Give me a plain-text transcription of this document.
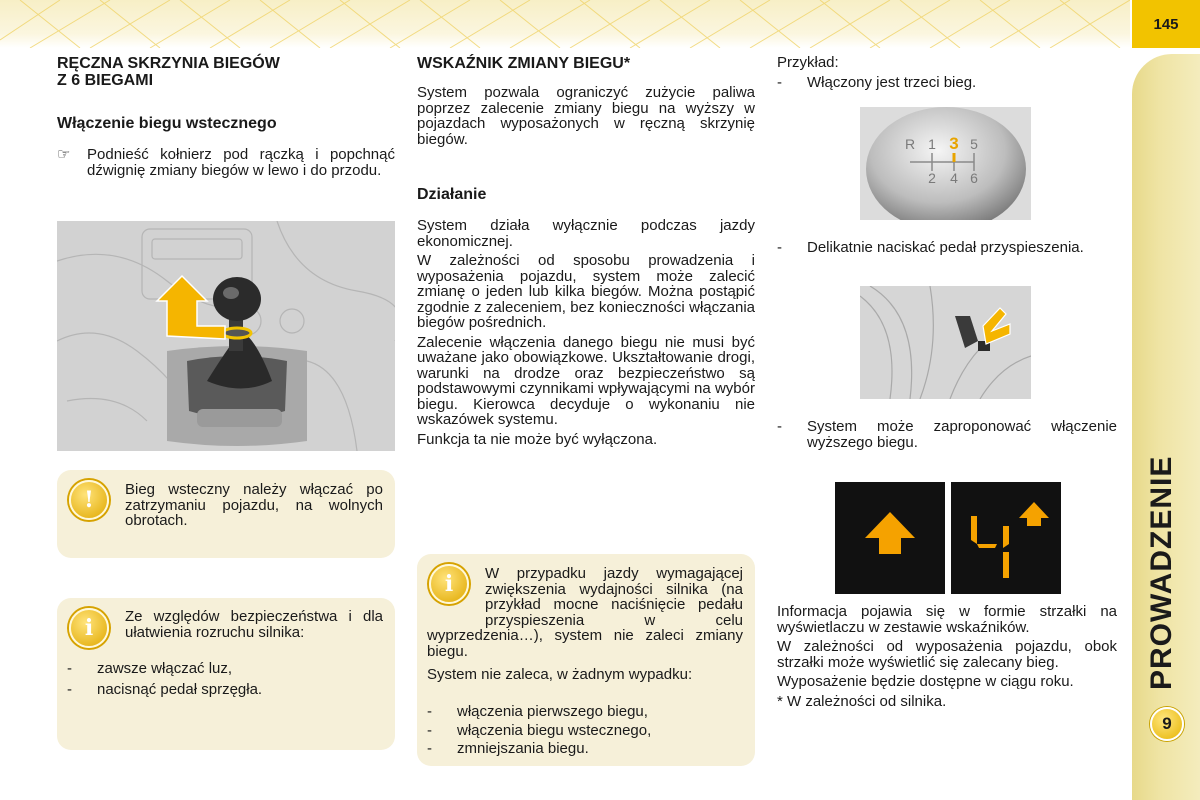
145
PROWADZENIE
9
RĘCZNA SKRZYNIA BIEGÓW
Z 6 BIEGAMI
Włączenie biegu wstecznego
☞	Podnieść kołnierz pod rączką i popchnąć dźwignię zmiany biegów w lewo i do przodu.
!	Bieg wsteczny należy włączać po zatrzymaniu pojazdu, na wolnych obrotach.
i	Ze względów bezpieczeństwa i dla ułatwienia rozruchu silnika:
-	zawsze włączać luz,
-	nacisnąć pedał sprzęgła.
WSKAŹNIK ZMIANY BIEGU*

System pozwala ograniczyć zużycie paliwa poprzez zalecenie zmiany biegu na wyższy w pojazdach wyposażonych w ręczną skrzynię biegów.

Działanie

System działa wyłącznie podczas jazdy ekonomicznej.

W zależności od sposobu prowadzenia i wyposażenia pojazdu, system może zalecić zmianę o jeden lub kilka biegów. Można postąpić zgodnie z zaleceniem, bez konieczności włączania biegów pośrednich.

Zalecenie włączenia danego biegu nie musi być uważane jako obowiązkowe. Ukształtowanie drogi, warunki na drodze oraz bezpieczeństwo są podstawowymi czynnikami wpływającymi na wybór biegu. Kierowca decyduje o wykonaniu nie wskazówek systemu.

Funkcja ta nie może być wyłączona.

i	W przypadku jazdy wymagającej zwiększenia wydajności silnika (na przykład mocne naciśnięcie pedału przyspieszenia w celu wyprzedzenia…), system nie zaleci zmiany biegu.

System nie zaleca, w żadnym wypadku:

-	włączenia pierwszego biegu,
-	włączenia biegu wstecznego,
-	zmniejszania biegu.

Przykład:

-	Włączony jest trzeci bieg.
R 1 5
2 4 6
3
-	Delikatnie naciskać pedał przyspieszenia.
-	System może zaproponować włączenie wyższego biegu.

Informacja pojawia się w formie strzałki na wyświetlaczu w zestawie wskaźników.

W zależności od wyposażenia pojazdu, obok strzałki może wyświetlić się zalecany bieg.

Wyposażenie będzie dostępne w ciągu roku.

* W zależności od silnika.
